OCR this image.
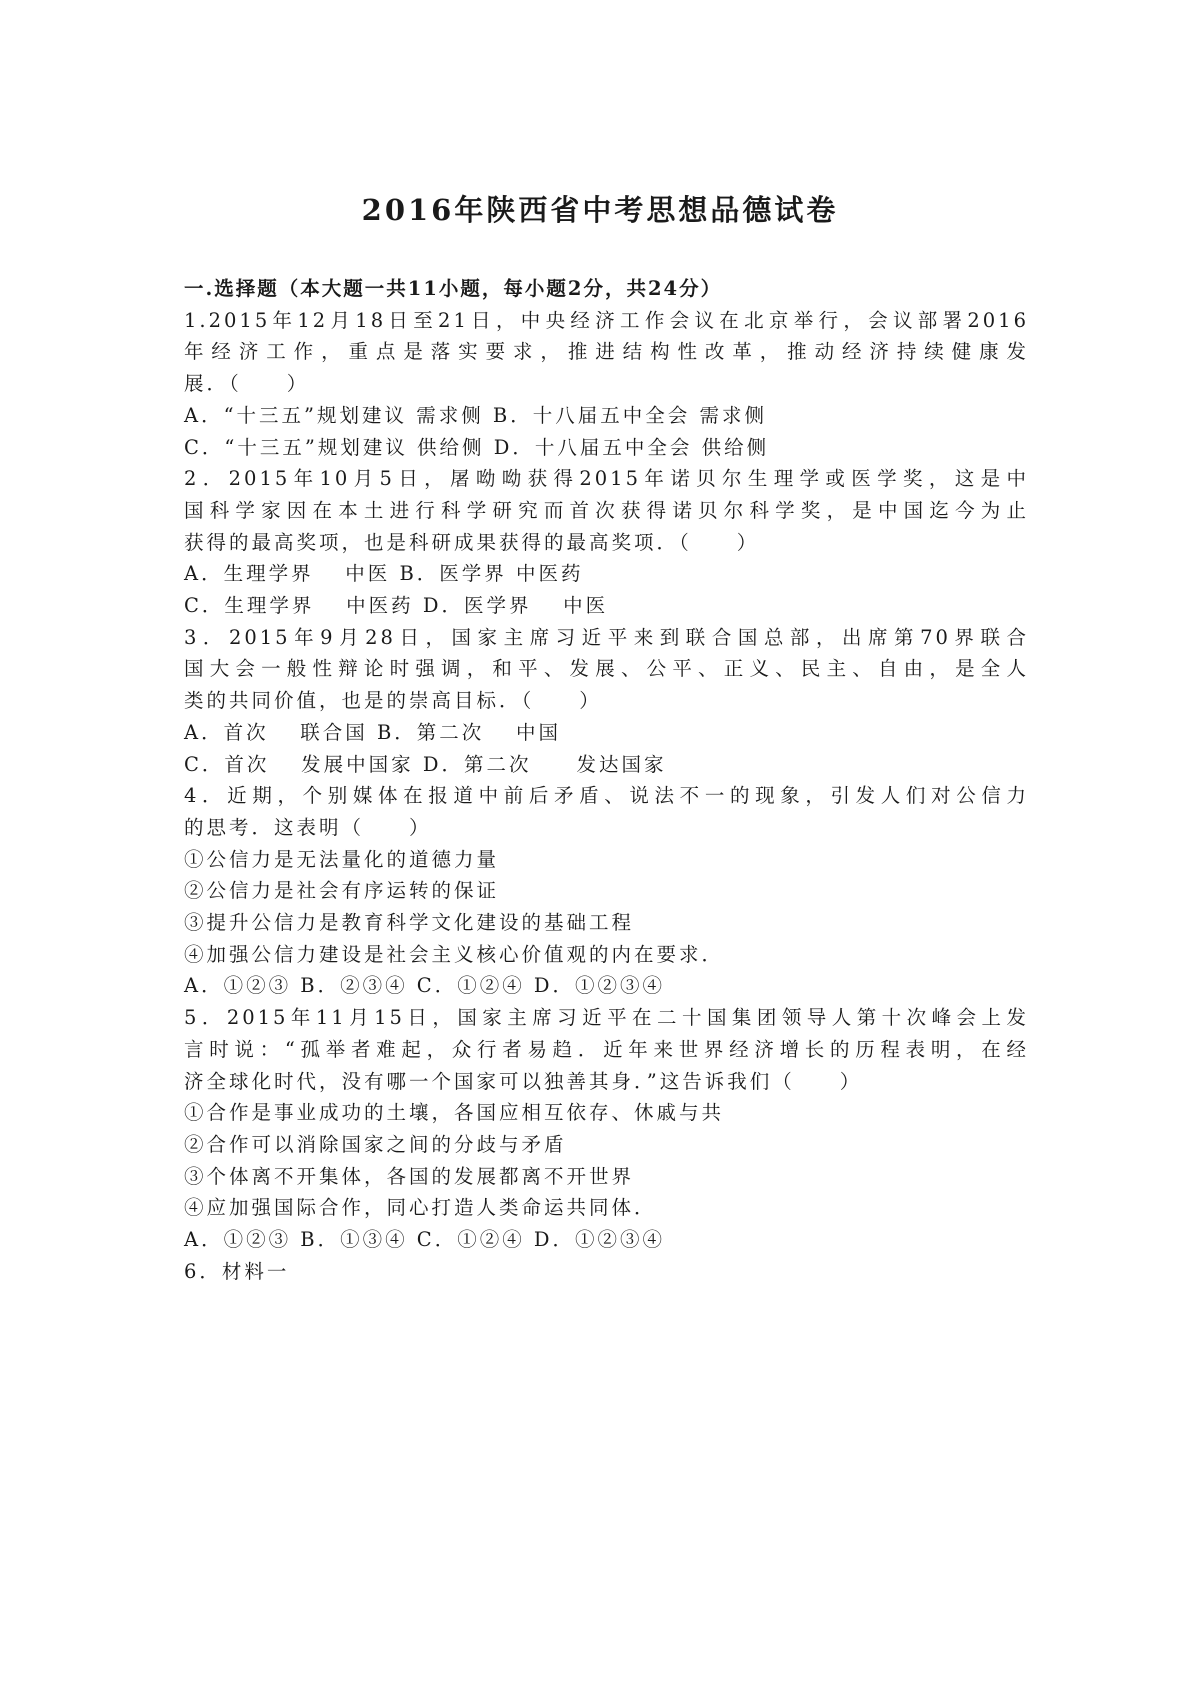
2016年陕西省中考思想品德试卷
一.选择题（本大题一共11小题，每小题2分，共24分）
1.2015年12月18日至21日，中央经济工作会议在北京举行，会议部署2016
年经济工作，重点是落实要求，推进结构性改革，推动经济持续健康发
展．（　　）
A．“十三五”规划建议 需求侧 B．十八届五中全会 需求侧
C．“十三五”规划建议 供给侧 D．十八届五中全会 供给侧
2．2015年10月5日，屠呦呦获得2015年诺贝尔生理学或医学奖，这是中
国科学家因在本土进行科学研究而首次获得诺贝尔科学奖，是中国迄今为止
获得的最高奖项，也是科研成果获得的最高奖项．（　　）
A．生理学界　 中医 B．医学界 中医药
C．生理学界　 中医药 D．医学界　 中医
3．2015年9月28日，国家主席习近平来到联合国总部，出席第70界联合
国大会一般性辩论时强调，和平、发展、公平、正义、民主、自由，是全人
类的共同价值，也是的崇高目标．（　　）
A．首次　 联合国 B．第二次　 中国
C．首次　 发展中国家 D．第二次　　发达国家
4．近期，个别媒体在报道中前后矛盾、说法不一的现象，引发人们对公信力
的思考．这表明（　　）
①公信力是无法量化的道德力量
②公信力是社会有序运转的保证
③提升公信力是教育科学文化建设的基础工程
④加强公信力建设是社会主义核心价值观的内在要求．
A．①②③ B．②③④ C．①②④ D．①②③④
5．2015年11月15日，国家主席习近平在二十国集团领导人第十次峰会上发
言时说：“孤举者难起，众行者易趋．近年来世界经济增长的历程表明，在经
济全球化时代，没有哪一个国家可以独善其身．”这告诉我们（　　）
①合作是事业成功的土壤，各国应相互依存、休戚与共
②合作可以消除国家之间的分歧与矛盾
③个体离不开集体，各国的发展都离不开世界
④应加强国际合作，同心打造人类命运共同体．
A．①②③ B．①③④ C．①②④ D．①②③④
6．材料一
